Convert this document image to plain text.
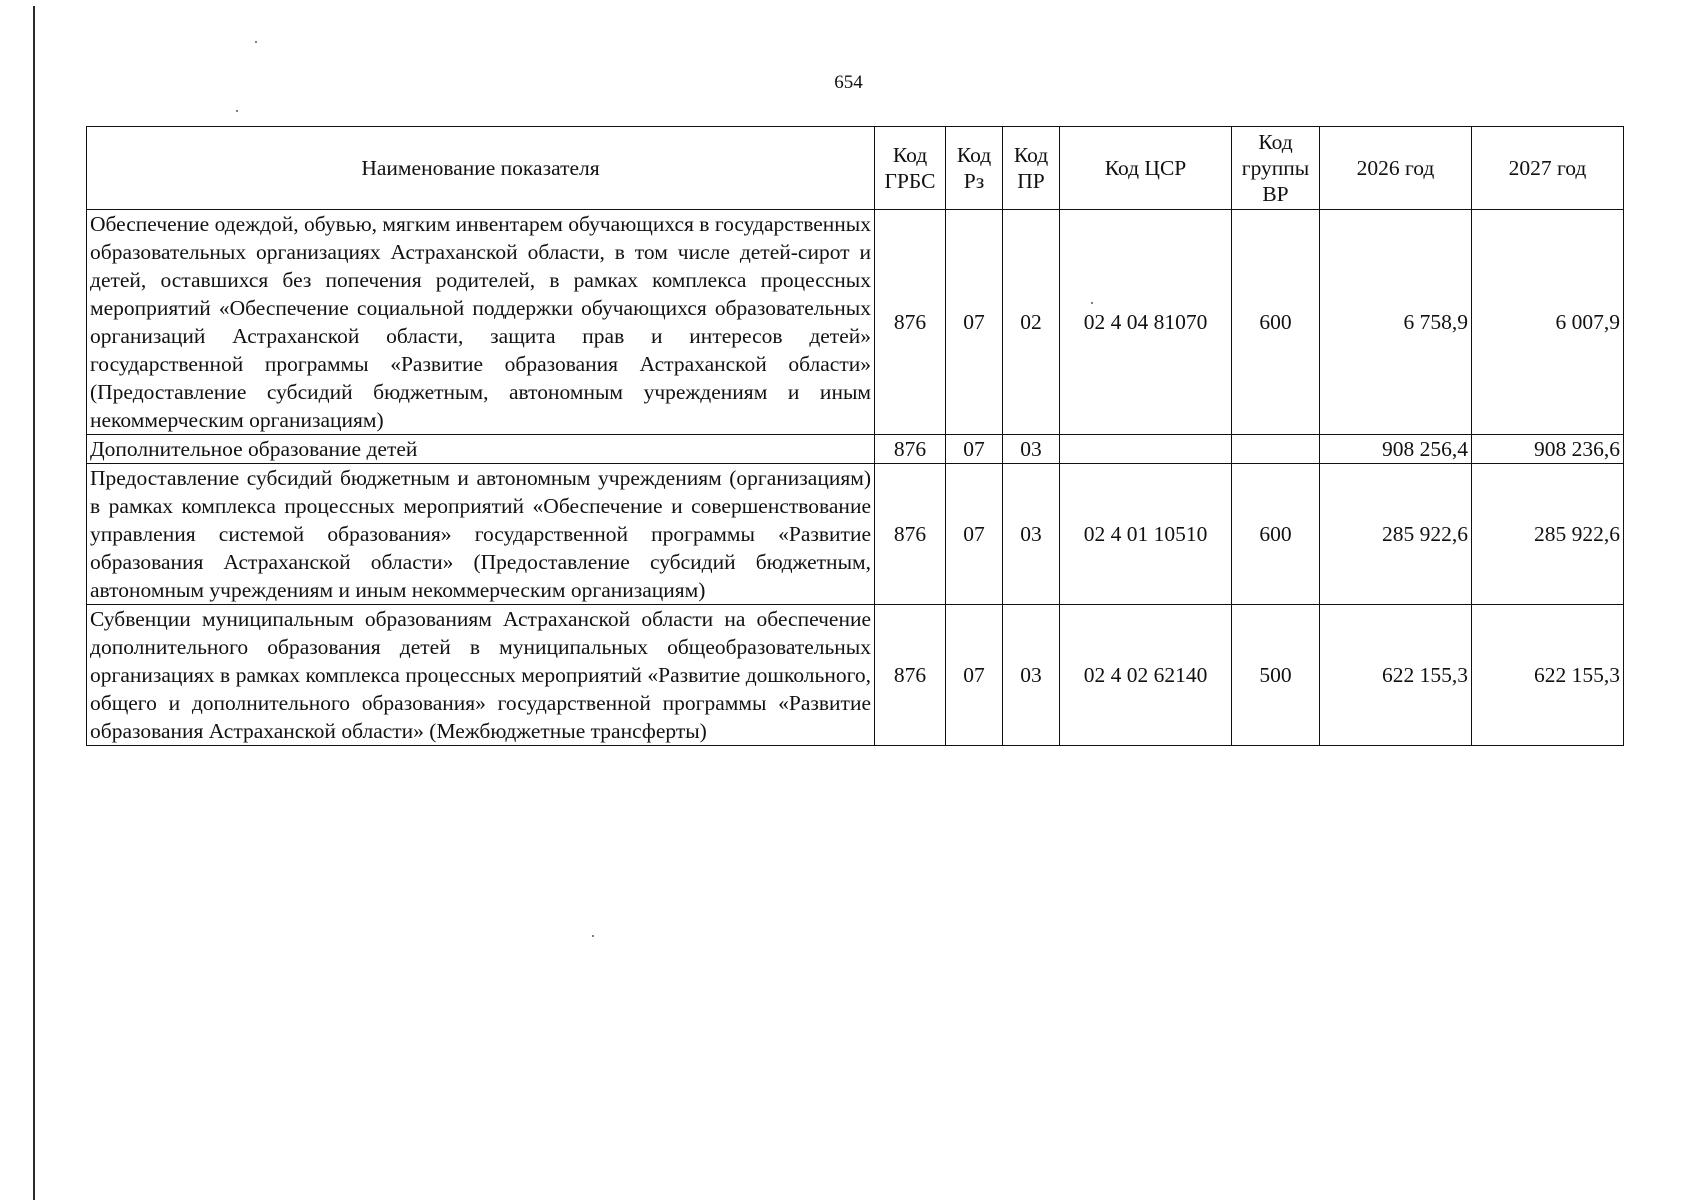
654
Наименование показателя	Код ГРБС	Код Рз	Код ПР	Код ЦСР	Код группы ВР	2026 год	2027 год
Обеспечение одеждой, обувью, мягким инвентарем обучающихся в государственных образовательных организациях Астраханской области, в том числе детей-сирот и детей, оставшихся без попечения родителей, в рамках комплекса процессных мероприятий «Обеспечение социальной поддержки обучающихся образовательных организаций Астраханской области, защита прав и интересов детей» государственной программы «Развитие образования Астраханской области» (Предоставление субсидий бюджетным, автономным учреждениям и иным некоммерческим организациям)	876	07	02	02 4 04 81070	600	6 758,9	6 007,9
Дополнительное образование детей	876	07	03			908 256,4	908 236,6
Предоставление субсидий бюджетным и автономным учреждениям (организациям) в рамках комплекса процессных мероприятий «Обеспечение и совершенствование управления системой образования» государственной программы «Развитие образования Астраханской области» (Предоставление субсидий бюджетным, автономным учреждениям и иным некоммерческим организациям)	876	07	03	02 4 01 10510	600	285 922,6	285 922,6
Субвенции муниципальным образованиям Астраханской области на обеспечение дополнительного образования детей в муниципальных общеобразовательных организациях в рамках комплекса процессных мероприятий «Развитие дошкольного, общего и дополнительного образования» государственной программы «Развитие образования Астраханской области» (Межбюджетные трансферты)	876	07	03	02 4 02 62140	500	622 155,3	622 155,3
